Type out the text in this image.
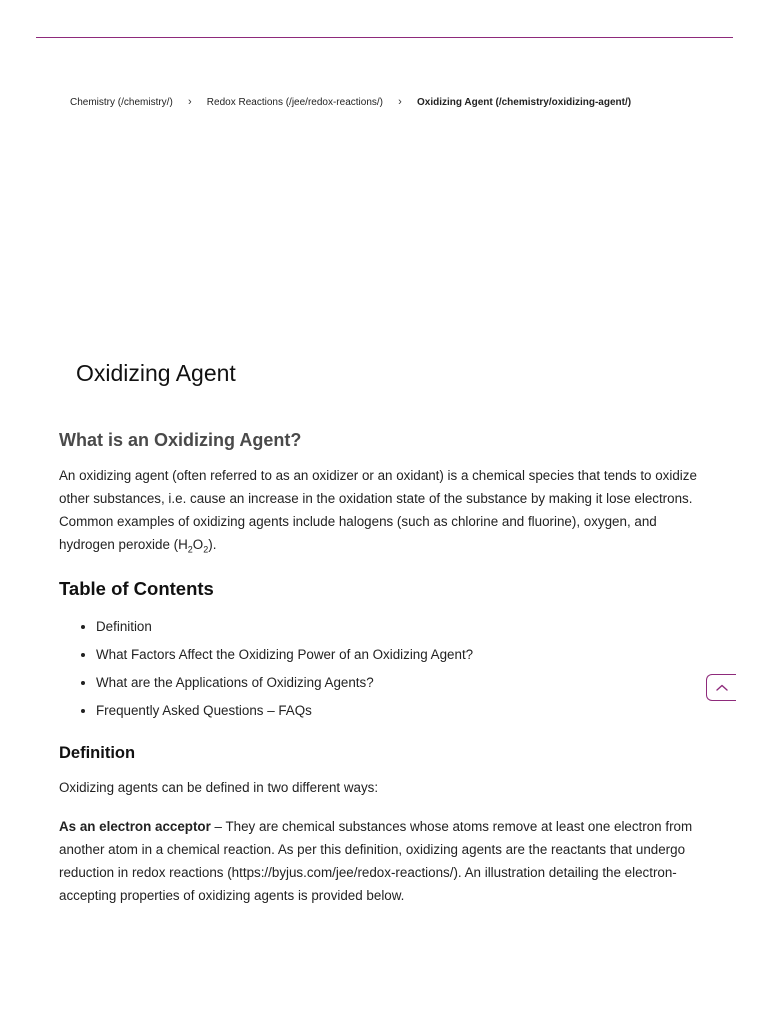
Chemistry (/chemistry/)	›	Redox Reactions (/jee/redox-reactions/)	›	Oxidizing Agent (/chemistry/oxidizing-agent/)
Oxidizing Agent
What is an Oxidizing Agent?

An oxidizing agent (often referred to as an oxidizer or an oxidant) is a chemical species that tends to oxidize other substances, i.e. cause an increase in the oxidation state of the substance by making it lose electrons. Common examples of oxidizing agents include halogens (such as chlorine and fluorine), oxygen, and hydrogen peroxide $(H_2O_2)$.

Table of Contents
• Definition
• What Factors Affect the Oxidizing Power of an Oxidizing Agent?
• What are the Applications of Oxidizing Agents?
• Frequently Asked Questions – FAQs
Definition

Oxidizing agents can be defined in two different ways:

As an electron acceptor – They are chemical substances whose atoms remove at least one electron from another atom in a chemical reaction. As per this definition, oxidizing agents are the reactants that undergo reduction in redox reactions (https://byjus.com/jee/redox-reactions/). An illustration detailing the electron-accepting properties of oxidizing agents is provided below.
